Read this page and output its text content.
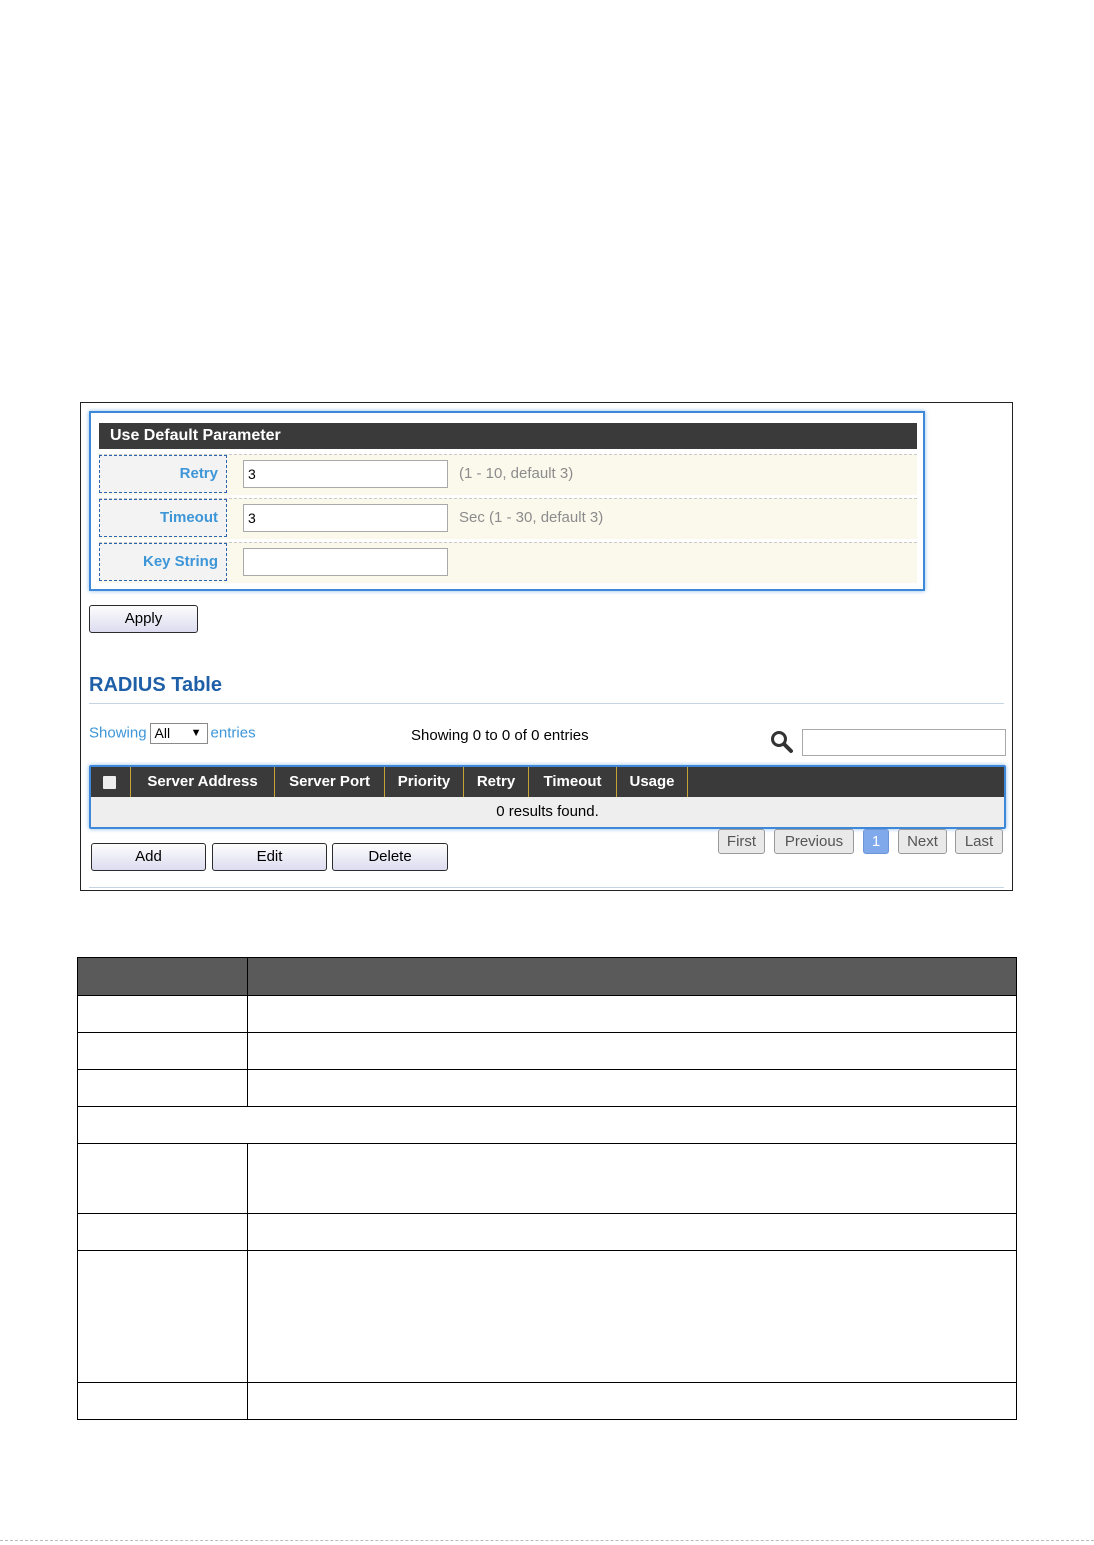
Use Default Parameter
Retry
3	(1 - 10, default 3)
Timeout
3	Sec (1 - 30, default 3)
Key String
Apply
RADIUS Table
Showing All ▼ entries	Showing 0 to 0 of 0 entries
Server Address	Server Port	Priority	Retry	Timeout	Usage
0 results found.
First	Previous	1	Next	Last
Add	Edit	Delete
